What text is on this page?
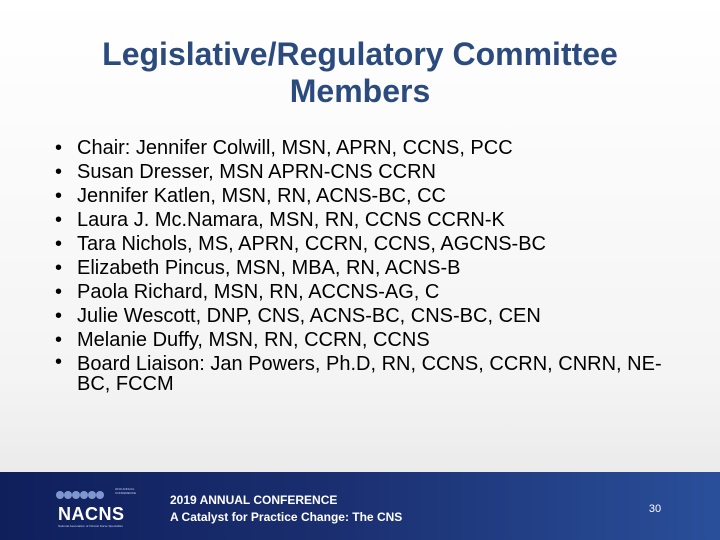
Legislative/Regulatory Committee Members
• Chair: Jennifer Colwill, MSN, APRN, CCNS, PCC
• Susan Dresser, MSN APRN-CNS CCRN
• Jennifer Katlen, MSN, RN, ACNS-BC, CC
• Laura J. Mc.Namara, MSN, RN, CCNS CCRN-K
• Tara Nichols, MS, APRN, CCRN, CCNS, AGCNS-BC
• Elizabeth Pincus, MSN, MBA, RN, ACNS-B
• Paola Richard, MSN, RN, ACCNS-AG, C
• Julie Wescott, DNP, CNS, ACNS-BC, CNS-BC, CEN
• Melanie Duffy, MSN, RN, CCRN, CCNS
• Board Liaison: Jan Powers, Ph.D, RN, CCNS, CCRN, CNRN, NE-BC, FCCM
2019 ANNUAL CONFERENCE
NACNS
National Association of Clinical Nurse Specialists
2019 ANNUAL CONFERENCE
A Catalyst for Practice Change: The CNS
30
